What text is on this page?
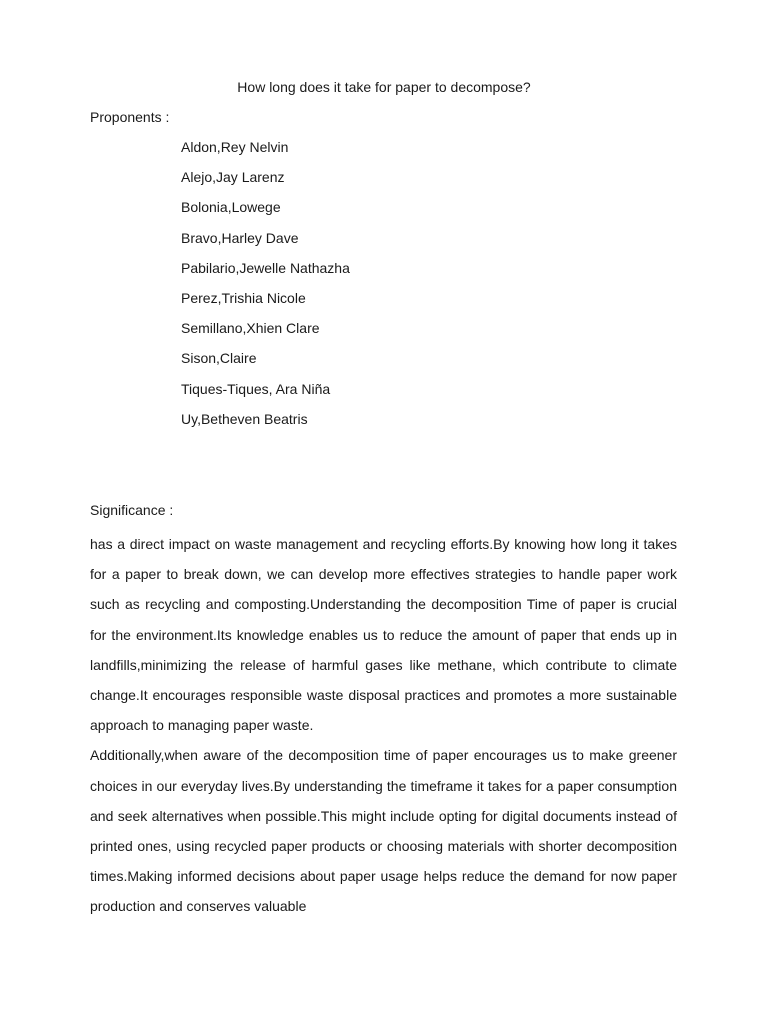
How long does it take for paper to decompose?
Proponents :
Aldon,Rey Nelvin
Alejo,Jay Larenz
Bolonia,Lowege
Bravo,Harley Dave
Pabilario,Jewelle Nathazha
Perez,Trishia Nicole
Semillano,Xhien Clare
Sison,Claire
Tiques-Tiques, Ara Niña
Uy,Betheven Beatris
Significance :

has a direct impact on waste management and recycling efforts.By knowing how long it takes for a paper to break down, we can develop more effectives strategies to handle paper work such as recycling and composting.Understanding the decomposition Time of paper is crucial for the environment.Its knowledge enables us to reduce the amount of paper that ends up in landfills,minimizing the release of harmful gases like methane, which contribute to climate change.It encourages responsible waste disposal practices and promotes a more sustainable approach to managing paper waste.

Additionally,when aware of the decomposition time of paper encourages us to make greener choices in our everyday lives.By understanding the timeframe it takes for a paper consumption and seek alternatives when possible.This might include opting for digital documents instead of printed ones, using recycled paper products or choosing materials with shorter decomposition times.Making informed decisions about paper usage helps reduce the demand for now paper production and conserves valuable
